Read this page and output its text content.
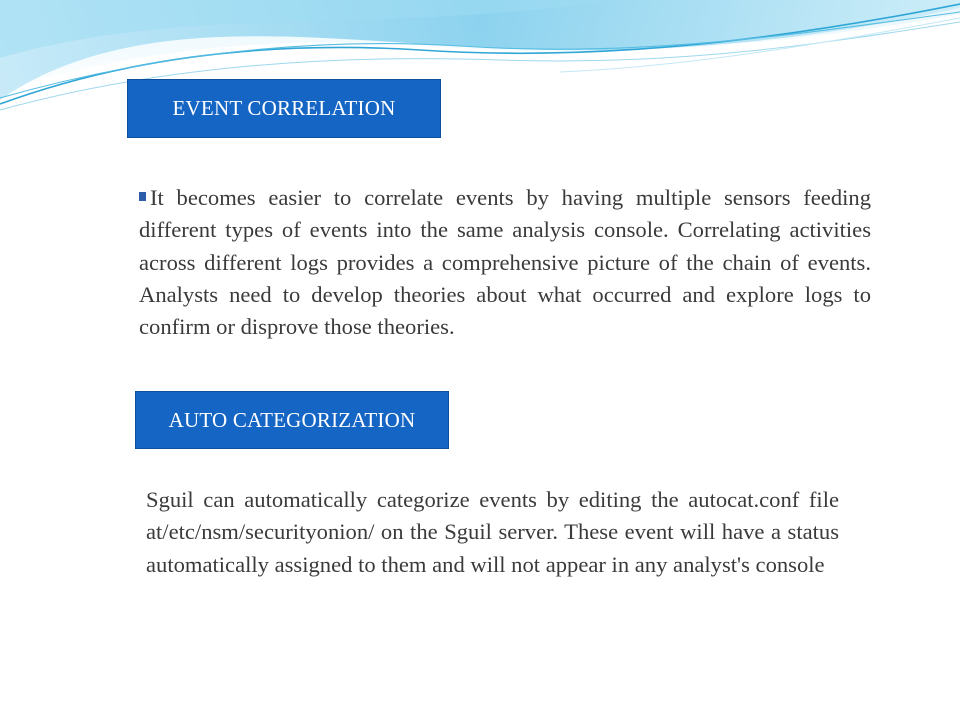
EVENT CORRELATION

It becomes easier to correlate events by having multiple sensors feeding different types of events into the same analysis console. Correlating activities across different logs provides a comprehensive picture of the chain of events. Analysts need to develop theories about what occurred and explore logs to confirm or disprove those theories.

AUTO CATEGORIZATION

Sguil can automatically categorize events by editing the autocat.conf file at/etc/nsm/securityonion/ on the Sguil server. These event will have a status automatically assigned to them and will not appear in any analyst's console
